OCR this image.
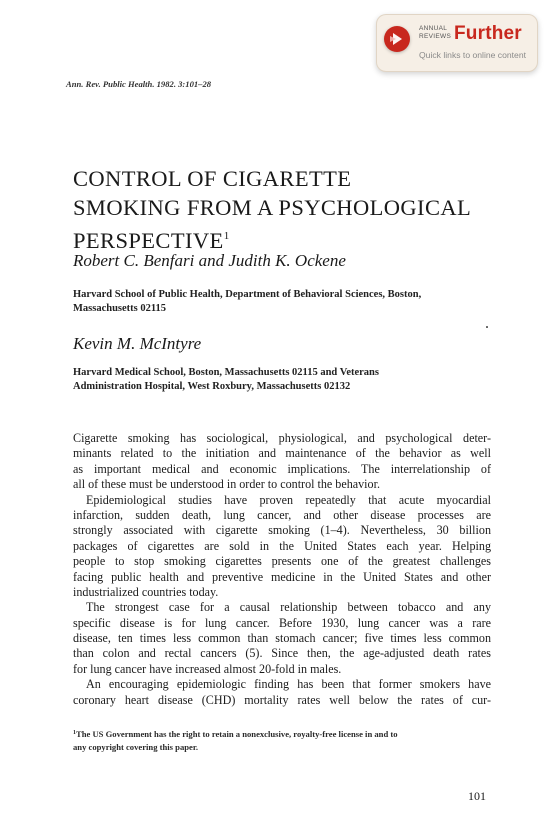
ANNUAL
REVIEWS Further
Quick links to online content
Ann. Rev. Public Health. 1982. 3:101–28
CONTROL OF CIGARETTE
SMOKING FROM A PSYCHOLOGICAL
PERSPECTIVE$^1$
Robert C. Benfari and Judith K. Ockene
Harvard School of Public Health, Department of Behavioral Sciences, Boston,
Massachusetts 02115
Kevin M. McIntyre
Harvard Medical School, Boston, Massachusetts 02115 and Veterans
Administration Hospital, West Roxbury, Massachusetts 02132
Cigarette smoking has sociological, physiological, and psychological deter-
minants related to the initiation and maintenance of the behavior as well
as important medical and economic implications. The interrelationship of
all of these must be understood in order to control the behavior.
Epidemiological studies have proven repeatedly that acute myocardial
infarction, sudden death, lung cancer, and other disease processes are
strongly associated with cigarette smoking (1–4). Nevertheless, 30 billion
packages of cigarettes are sold in the United States each year. Helping
people to stop smoking cigarettes presents one of the greatest challenges
facing public health and preventive medicine in the United States and other
industrialized countries today.
The strongest case for a causal relationship between tobacco and any
specific disease is for lung cancer. Before 1930, lung cancer was a rare
disease, ten times less common than stomach cancer; five times less common
than colon and rectal cancers (5). Since then, the age-adjusted death rates
for lung cancer have increased almost 20-fold in males.
An encouraging epidemiologic finding has been that former smokers have
coronary heart disease (CHD) mortality rates well below the rates of cur-
$^1$The US Government has the right to retain a nonexclusive, royalty-free license in and to
any copyright covering this paper.
101
